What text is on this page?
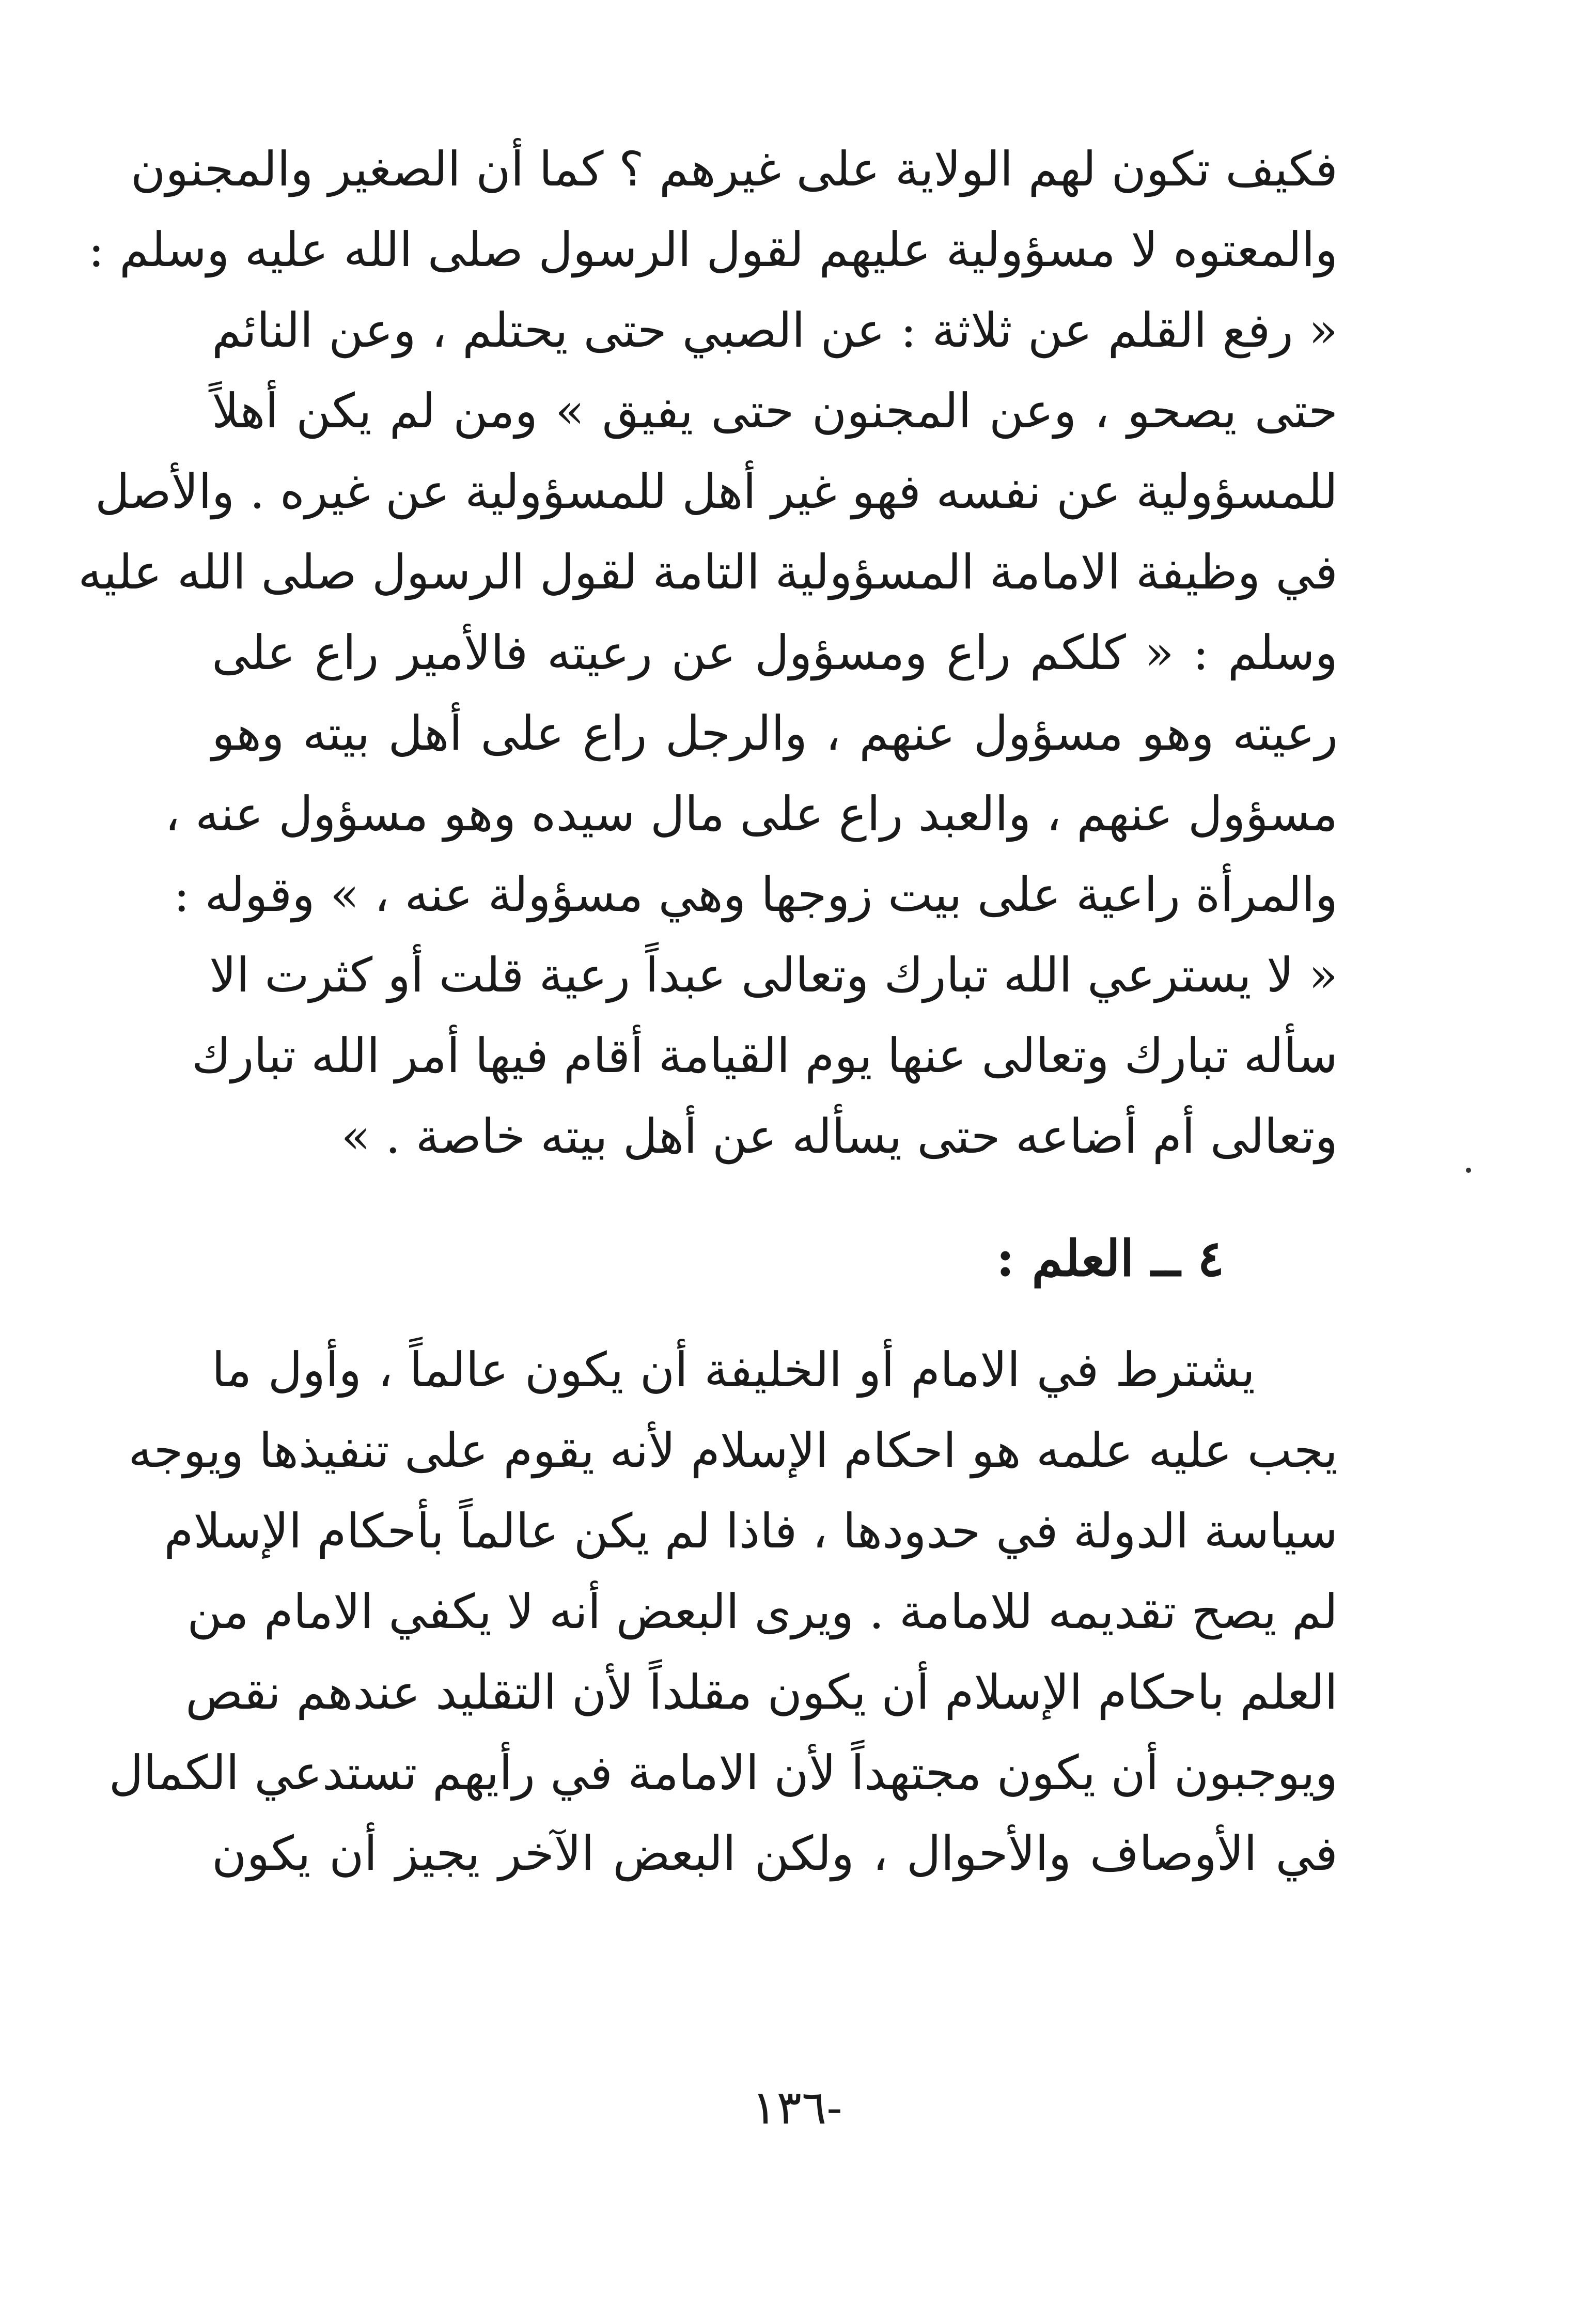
فكيف تكون لهم الولاية على غيرهم ؟ كما أن الصغير والمجنون
والمعتوه لا مسؤولية عليهم لقول الرسول صلى الله عليه وسلم :
« رفع القلم عن ثلاثة : عن الصبي حتى يحتلم ، وعن النائم
حتى يصحو ، وعن المجنون حتى يفيق » ومن لم يكن أهلاً
للمسؤولية عن نفسه فهو غير أهل للمسؤولية عن غيره . والأصل
في وظيفة الامامة المسؤولية التامة لقول الرسول صلى الله عليه
وسلم : « كلكم راع ومسؤول عن رعيته فالأمير راع على
رعيته وهو مسؤول عنهم ، والرجل راع على أهل بيته وهو
مسؤول عنهم ، والعبد راع على مال سيده وهو مسؤول عنه ،
والمرأة راعية على بيت زوجها وهي مسؤولة عنه ، » وقوله :
« لا يسترعي الله تبارك وتعالى عبداً رعية قلت أو كثرت الا
سأله تبارك وتعالى عنها يوم القيامة أقام فيها أمر الله تبارك
وتعالى أم أضاعه حتى يسأله عن أهل بيته خاصة . »
٤ ــ العلم :
يشترط في الامام أو الخليفة أن يكون عالماً ، وأول ما
يجب عليه علمه هو احكام الإسلام لأنه يقوم على تنفيذها ويوجه
سياسة الدولة في حدودها ، فاذا لم يكن عالماً بأحكام الإسلام
لم يصح تقديمه للامامة . ويرى البعض أنه لا يكفي الامام من
العلم باحكام الإسلام أن يكون مقلداً لأن التقليد عندهم نقص
ويوجبون أن يكون مجتهداً لأن الامامة في رأيهم تستدعي الكمال
في الأوصاف والأحوال ، ولكن البعض الآخر يجيز أن يكون
-١٣٦
